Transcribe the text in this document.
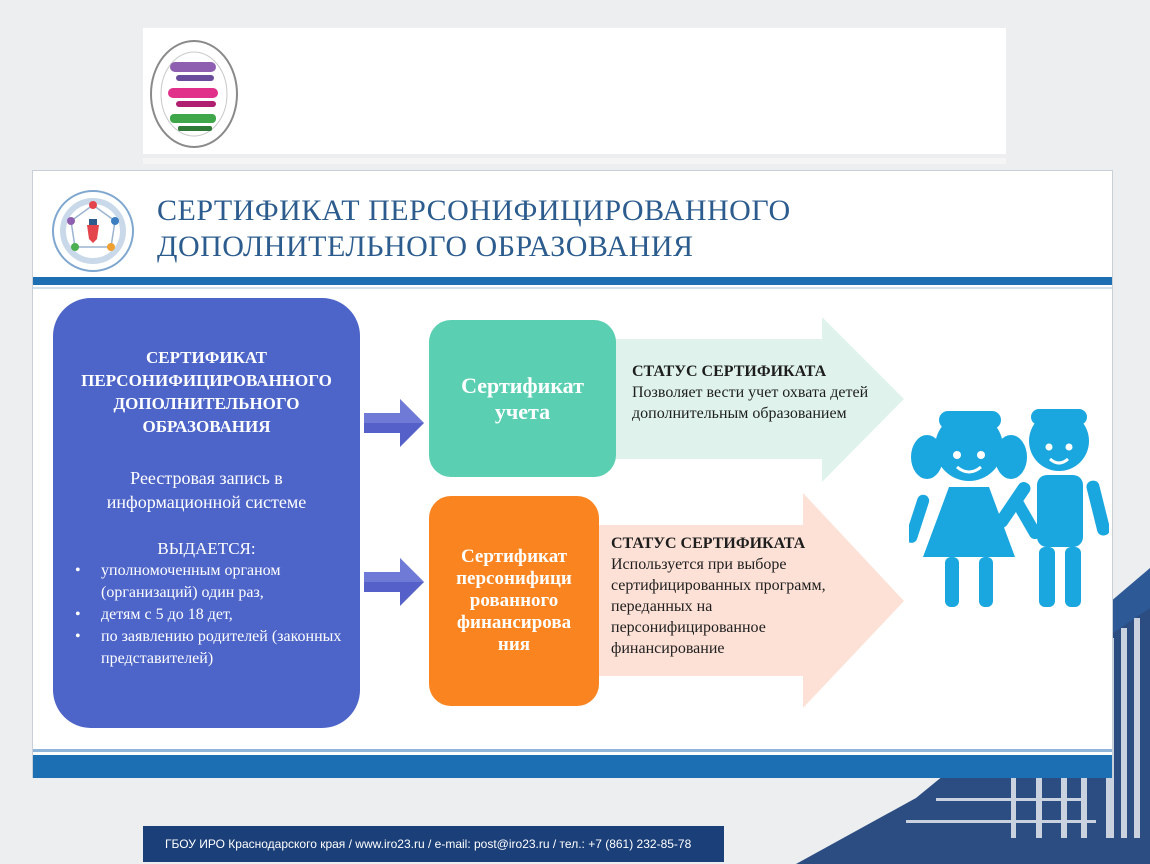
СЕРТИФИКАТ ПЕРСОНИФИЦИРОВАННОГО
ДОПОЛНИТЕЛЬНОГО ОБРАЗОВАНИЯ
СЕРТИФИКАТ ПЕРСОНИФИЦИРОВАННОГО ДОПОЛНИТЕЛЬНОГО ОБРАЗОВАНИЯ
Реестровая запись в информационной системе
ВЫДАЕТСЯ:
• уполномоченным органом (организаций) один раз,
• детям с 5 до 18 дет,
• по заявлению родителей (законных представителей)
Сертификат учета
СТАТУС СЕРТИФИКАТА
Позволяет вести учет охвата детей дополнительным образованием
Сертификат персонифици рованного финансирова ния
СТАТУС СЕРТИФИКАТА
Используется при выборе сертифицированных программ, переданных на персонифицированное финансирование
ГБОУ ИРО Краснодарского края / www.iro23.ru / e-mail: post@iro23.ru / тел.: +7 (861) 232-85-78
